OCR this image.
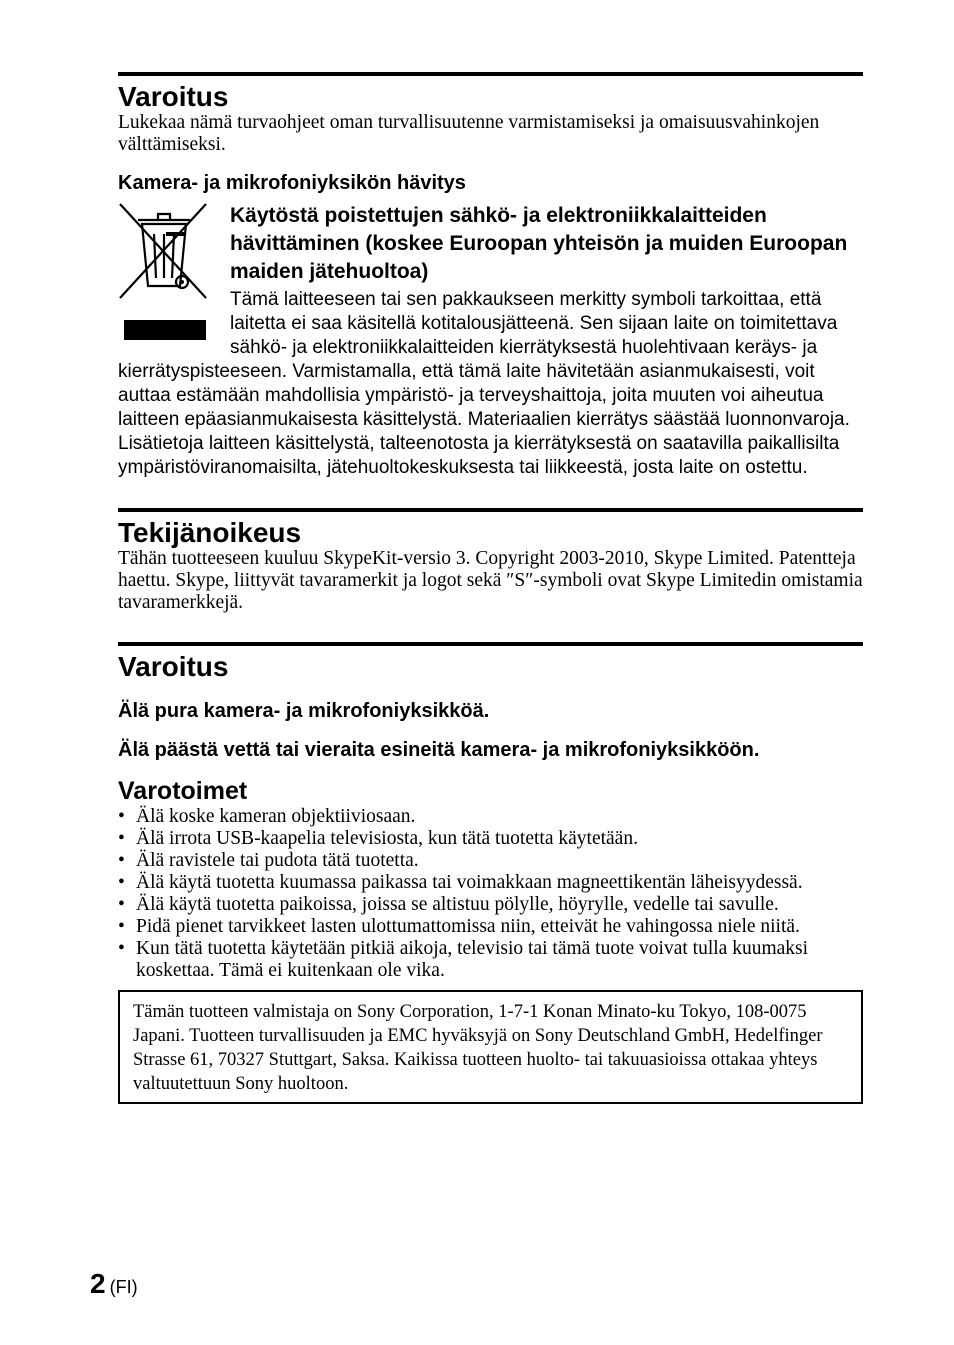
Varoitus
Lukekaa nämä turvaohjeet oman turvallisuutenne varmistamiseksi ja omaisuusvahinkojen välttämiseksi.
Kamera- ja mikrofoniyksikön hävitys
Käytöstä poistettujen sähkö- ja elektroniikkalaitteiden hävittäminen (koskee Euroopan yhteisön ja muiden Euroopan maiden jätehuoltoa)
Tämä laitteeseen tai sen pakkaukseen merkitty symboli tarkoittaa, että laitetta ei saa käsitellä kotitalousjätteenä. Sen sijaan laite on toimitettava sähkö- ja elektroniikkalaitteiden kierrätyksestä huolehtivaan keräys- ja kierrätyspisteeseen. Varmistamalla, että tämä laite hävitetään asianmukaisesti, voit auttaa estämään mahdollisia ympäristö- ja terveyshaittoja, joita muuten voi aiheutua laitteen epäasianmukaisesta käsittelystä. Materiaalien kierrätys säästää luonnonvaroja. Lisätietoja laitteen käsittelystä, talteenotosta ja kierrätyksestä on saatavilla paikallisilta ympäristöviranomaisilta, jätehuoltokeskuksesta tai liikkeestä, josta laite on ostettu.
Tekijänoikeus
Tähän tuotteeseen kuuluu SkypeKit-versio 3. Copyright 2003-2010, Skype Limited. Patentteja haettu. Skype, liittyvät tavaramerkit ja logot sekä ″S″-symboli ovat Skype Limitedin omistamia tavaramerkkejä.
Varoitus
Älä pura kamera- ja mikrofoniyksikköä.
Älä päästä vettä tai vieraita esineitä kamera- ja mikrofoniyksikköön.
Varotoimet
• Älä koske kameran objektiiviosaan.
• Älä irrota USB-kaapelia televisiosta, kun tätä tuotetta käytetään.
• Älä ravistele tai pudota tätä tuotetta.
• Älä käytä tuotetta kuumassa paikassa tai voimakkaan magneettikentän läheisyydessä.
• Älä käytä tuotetta paikoissa, joissa se altistuu pölylle, höyrylle, vedelle tai savulle.
• Pidä pienet tarvikkeet lasten ulottumattomissa niin, etteivät he vahingossa niele niitä.
• Kun tätä tuotetta käytetään pitkiä aikoja, televisio tai tämä tuote voivat tulla kuumaksi koskettaa. Tämä ei kuitenkaan ole vika.

Tämän tuotteen valmistaja on Sony Corporation, 1-7-1 Konan Minato-ku Tokyo, 108-0075 Japani. Tuotteen turvallisuuden ja EMC hyväksyjä on Sony Deutschland GmbH, Hedelfinger Strasse 61, 70327 Stuttgart, Saksa. Kaikissa tuotteen huolto- tai takuuasioissa ottakaa yhteys valtuutettuun Sony huoltoon.

2 (FI)
